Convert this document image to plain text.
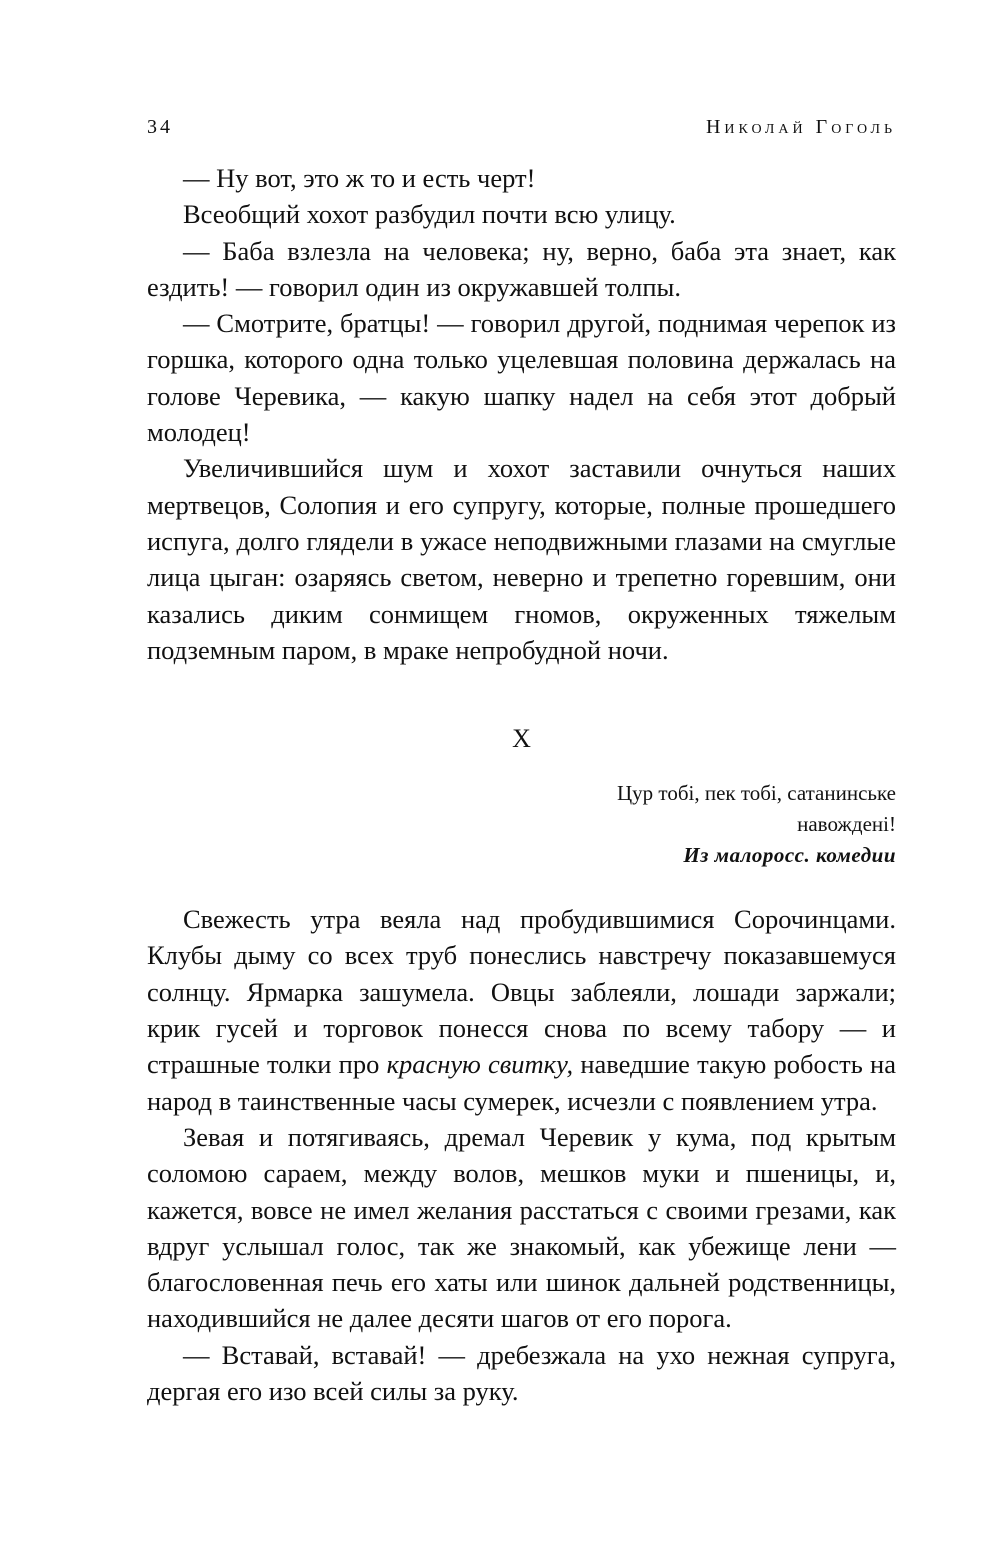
34	Николай Гоголь

— Ну вот, это ж то и есть черт!

Всеобщий хохот разбудил почти всю улицу.

— Баба взлезла на человека; ну, верно, баба эта знает, как ездить! — говорил один из окружавшей толпы.

— Смотрите, братцы! — говорил другой, поднимая черепок из горшка, которого одна только уцелевшая половина держалась на голове Черевика, — какую шапку надел на себя этот добрый молодец!

Увеличившийся шум и хохот заставили очнуться наших мертвецов, Солопия и его супругу, которые, полные прошедшего испуга, долго глядели в ужасе неподвижными глазами на смуглые лица цыган: озаряясь светом, неверно и трепетно горевшим, они казались диким сонмищем гномов, окруженных тяжелым подземным паром, в мраке непробудной ночи.

X
Цур тобі, пек тобі, сатанинське навождені!
Из малоросс. комедии

Свежесть утра веяла над пробудившимися Сорочинцами. Клубы дыму со всех труб понеслись навстречу показавшемуся солнцу. Ярмарка зашумела. Овцы заблеяли, лошади заржали; крик гусей и торговок понесся снова по всему табору — и страшные толки про красную свитку, наведшие такую робость на народ в таинственные часы сумерек, исчезли с появлением утра.

Зевая и потягиваясь, дремал Черевик у кума, под крытым соломою сараем, между волов, мешков муки и пшеницы, и, кажется, вовсе не имел желания расстаться с своими грезами, как вдруг услышал голос, так же знакомый, как убежище лени — благословенная печь его хаты или шинок дальней родственницы, находившийся не далее десяти шагов от его порога.

— Вставай, вставай! — дребезжала на ухо нежная супруга, дергая его изо всей силы за руку.
